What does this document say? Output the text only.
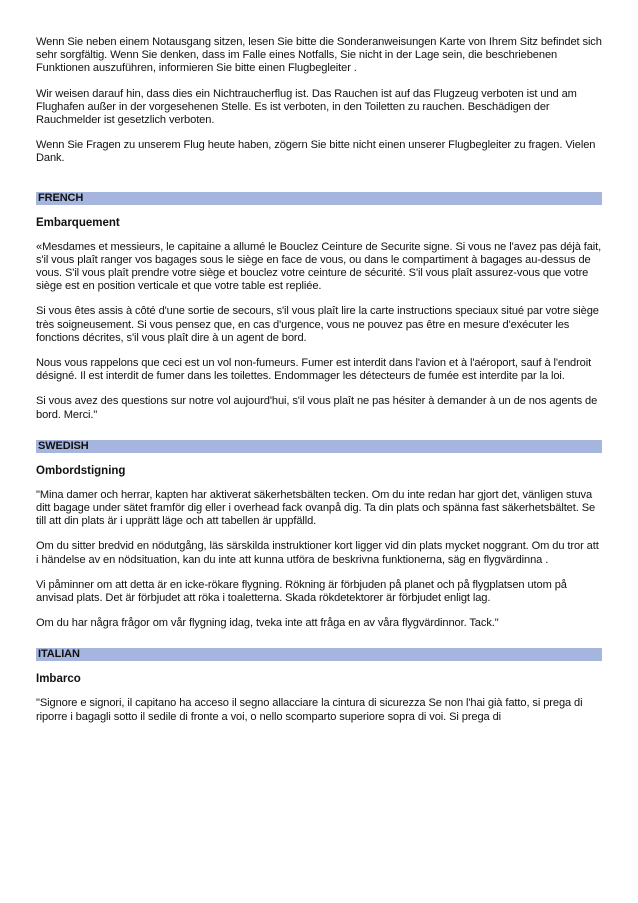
Wenn Sie neben einem Notausgang sitzen, lesen Sie bitte die Sonderanweisungen Karte von Ihrem Sitz befindet sich sehr sorgfältig. Wenn Sie denken, dass im Falle eines Notfalls, Sie nicht in der Lage sein, die beschriebenen Funktionen auszuführen, informieren Sie bitte einen Flugbegleiter .

Wir weisen darauf hin, dass dies ein Nichtraucherflug ist. Das Rauchen ist auf das Flugzeug verboten ist und am Flughafen außer in der vorgesehenen Stelle. Es ist verboten, in den Toiletten zu rauchen. Beschädigen der Rauchmelder ist gesetzlich verboten.

Wenn Sie Fragen zu unserem Flug heute haben, zögern Sie bitte nicht einen unserer Flugbegleiter zu fragen. Vielen Dank.

FRENCH
Embarquement

«Mesdames et messieurs, le capitaine a allumé le Bouclez Ceinture de Securite signe. Si vous ne l'avez pas déjà fait, s'il vous plaît ranger vos bagages sous le siège en face de vous, ou dans le compartiment à bagages au-dessus de vous. S'il vous plaît prendre votre siège et bouclez votre ceinture de sécurité. S'il vous plaît assurez-vous que votre siège est en position verticale et que votre table est repliée.

Si vous êtes assis à côté d'une sortie de secours, s'il vous plaît lire la carte instructions speciaux situé par votre siège très soigneusement. Si vous pensez que, en cas d'urgence, vous ne pouvez pas être en mesure d'exécuter les fonctions décrites, s'il vous plaît dire à un agent de bord.

Nous vous rappelons que ceci est un vol non-fumeurs. Fumer est interdit dans l'avion et à l'aéroport, sauf à l'endroit désigné. Il est interdit de fumer dans les toilettes. Endommager les détecteurs de fumée est interdite par la loi.

Si vous avez des questions sur notre vol aujourd'hui, s'il vous plaît ne pas hésiter à demander à un de nos agents de bord. Merci."

SWEDISH
Ombordstigning

"Mina damer och herrar, kapten har aktiverat säkerhetsbälten tecken. Om du inte redan har gjort det, vänligen stuva ditt bagage under sätet framför dig eller i overhead fack ovanpå dig. Ta din plats och spänna fast säkerhetsbältet. Se till att din plats är i upprätt läge och att tabellen är uppfälld.

Om du sitter bredvid en nödutgång, läs särskilda instruktioner kort ligger vid din plats mycket noggrant. Om du tror att i händelse av en nödsituation, kan du inte att kunna utföra de beskrivna funktionerna, säg en flygvärdinna .

Vi påminner om att detta är en icke-rökare flygning. Rökning är förbjuden på planet och på flygplatsen utom på anvisad plats. Det är förbjudet att röka i toaletterna. Skada rökdetektorer är förbjudet enligt lag.

Om du har några frågor om vår flygning idag, tveka inte att fråga en av våra flygvärdinnor. Tack."

ITALIAN
Imbarco

"Signore e signori, il capitano ha acceso il segno allacciare la cintura di sicurezza Se non l'hai già fatto, si prega di riporre i bagagli sotto il sedile di fronte a voi, o nello scomparto superiore sopra di voi. Si prega di
